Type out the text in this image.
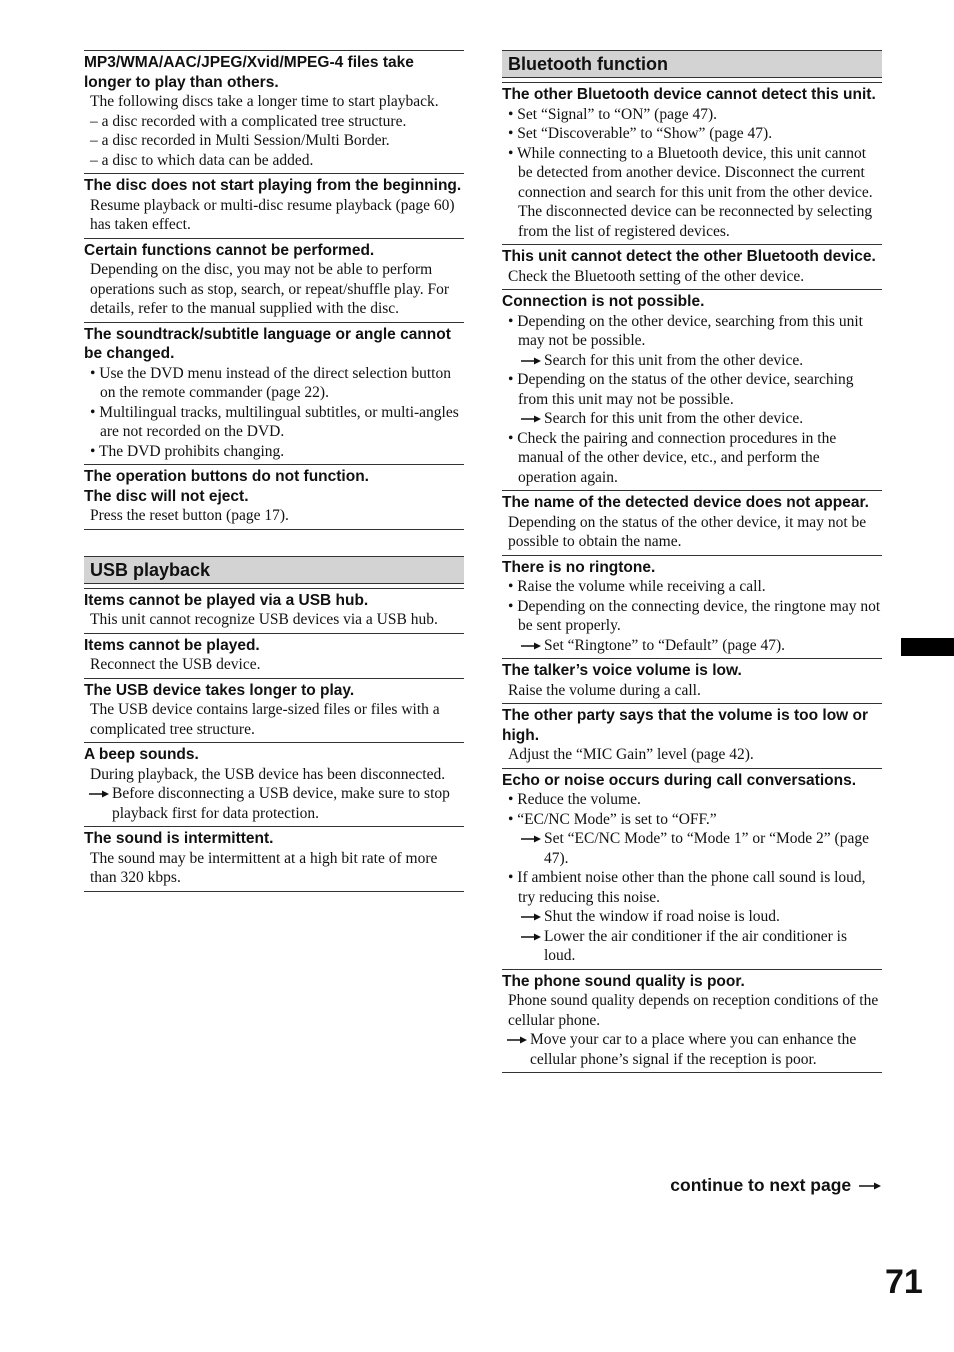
MP3/WMA/AAC/JPEG/Xvid/MPEG-4 files take longer to play than others.
The following discs take a longer time to start playback.
– a disc recorded with a complicated tree structure.
– a disc recorded in Multi Session/Multi Border.
– a disc to which data can be added.
The disc does not start playing from the beginning.
Resume playback or multi-disc resume playback (page 60) has taken effect.
Certain functions cannot be performed.
Depending on the disc, you may not be able to perform operations such as stop, search, or repeat/shuffle play. For details, refer to the manual supplied with the disc.
The soundtrack/subtitle language or angle cannot be changed.
• Use the DVD menu instead of the direct selection button on the remote commander (page 22).
• Multilingual tracks, multilingual subtitles, or multi-angles are not recorded on the DVD.
• The DVD prohibits changing.
The operation buttons do not function.
The disc will not eject.
Press the reset button (page 17).
USB playback
Items cannot be played via a USB hub.
This unit cannot recognize USB devices via a USB hub.
Items cannot be played.
Reconnect the USB device.
The USB device takes longer to play.
The USB device contains large-sized files or files with a complicated tree structure.
A beep sounds.
During playback, the USB device has been disconnected.
Before disconnecting a USB device, make sure to stop playback first for data protection.
The sound is intermittent.
The sound may be intermittent at a high bit rate of more than 320 kbps.
Bluetooth function
The other Bluetooth device cannot detect this unit.
• Set “Signal” to “ON” (page 47).
• Set “Discoverable” to “Show” (page 47).
• While connecting to a Bluetooth device, this unit cannot be detected from another device. Disconnect the current connection and search for this unit from the other device. The disconnected device can be reconnected by selecting from the list of registered devices.
This unit cannot detect the other Bluetooth device.
Check the Bluetooth setting of the other device.
Connection is not possible.
• Depending on the other device, searching from this unit may not be possible.
Search for this unit from the other device.
• Depending on the status of the other device, searching from this unit may not be possible.
Search for this unit from the other device.
• Check the pairing and connection procedures in the manual of the other device, etc., and perform the operation again.
The name of the detected device does not appear.
Depending on the status of the other device, it may not be possible to obtain the name.
There is no ringtone.
• Raise the volume while receiving a call.
• Depending on the connecting device, the ringtone may not be sent properly.
Set “Ringtone” to “Default” (page 47).
The talker’s voice volume is low.
Raise the volume during a call.
The other party says that the volume is too low or high.
Adjust the “MIC Gain” level (page 42).
Echo or noise occurs during call conversations.
• Reduce the volume.
• “EC/NC Mode” is set to “OFF.”
Set “EC/NC Mode” to “Mode 1” or “Mode 2” (page 47).
• If ambient noise other than the phone call sound is loud, try reducing this noise.
Shut the window if road noise is loud.
Lower the air conditioner if the air conditioner is loud.
The phone sound quality is poor.
Phone sound quality depends on reception conditions of the cellular phone.
Move your car to a place where you can enhance the cellular phone’s signal if the reception is poor.
continue to next page
71
